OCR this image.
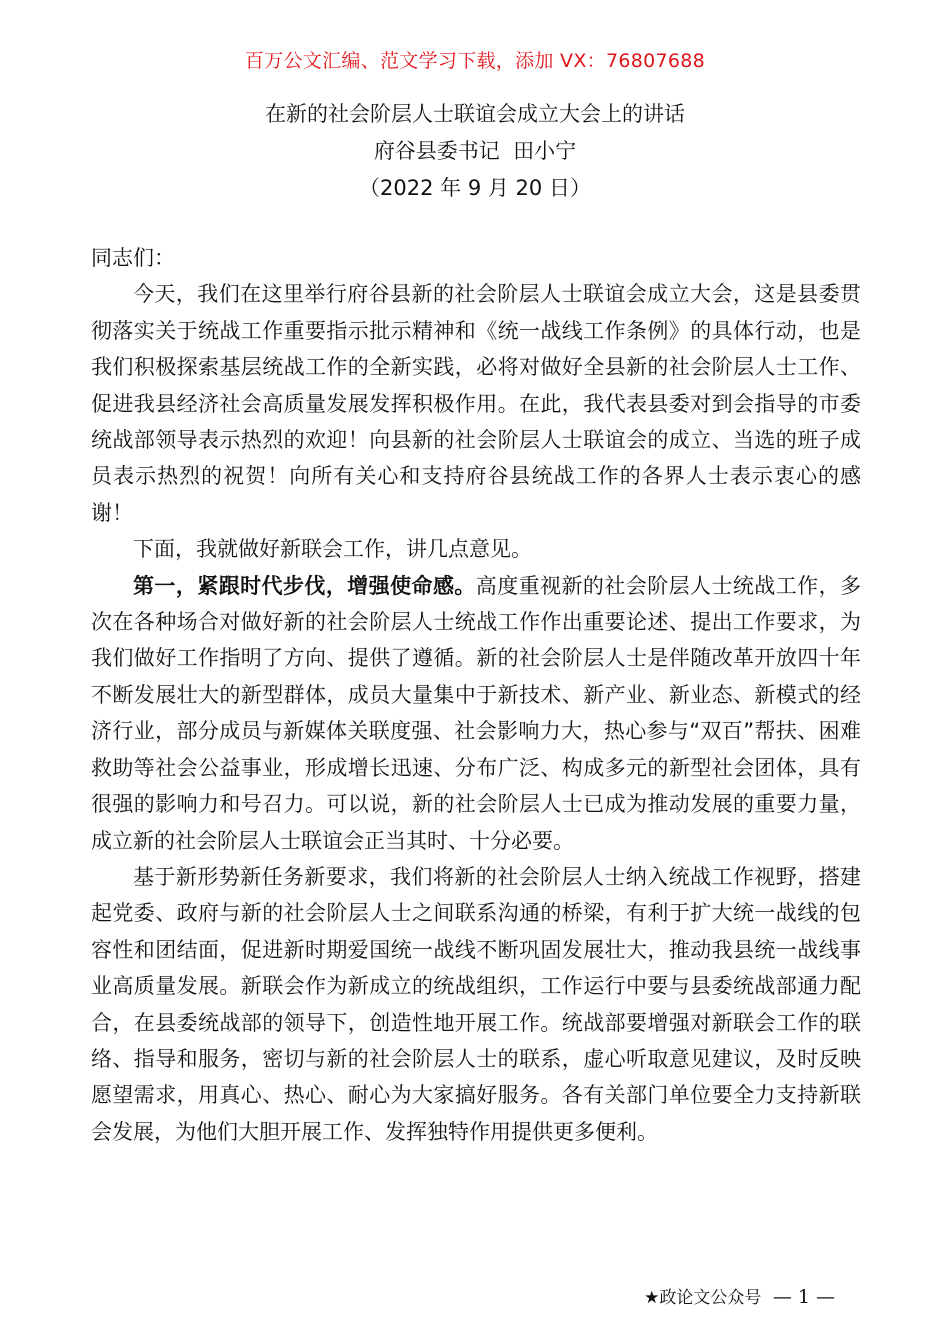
百万公文汇编、范文学习下载，添加 VX：76807688
在新的社会阶层人士联谊会成立大会上的讲话
府谷县委书记  田小宁
（2022 年 9 月 20 日）

同志们：

今天，我们在这里举行府谷县新的社会阶层人士联谊会成立大会，这是县委贯彻落实关于统战工作重要指示批示精神和《统一战线工作条例》的具体行动，也是我们积极探索基层统战工作的全新实践，必将对做好全县新的社会阶层人士工作、促进我县经济社会高质量发展发挥积极作用。在此，我代表县委对到会指导的市委统战部领导表示热烈的欢迎！向县新的社会阶层人士联谊会的成立、当选的班子成员表示热烈的祝贺！向所有关心和支持府谷县统战工作的各界人士表示衷心的感谢！

下面，我就做好新联会工作，讲几点意见。

第一，紧跟时代步伐，增强使命感。高度重视新的社会阶层人士统战工作，多次在各种场合对做好新的社会阶层人士统战工作作出重要论述、提出工作要求，为我们做好工作指明了方向、提供了遵循。新的社会阶层人士是伴随改革开放四十年不断发展壮大的新型群体，成员大量集中于新技术、新产业、新业态、新模式的经济行业，部分成员与新媒体关联度强、社会影响力大，热心参与“双百”帮扶、困难救助等社会公益事业，形成增长迅速、分布广泛、构成多元的新型社会团体，具有很强的影响力和号召力。可以说，新的社会阶层人士已成为推动发展的重要力量，成立新的社会阶层人士联谊会正当其时、十分必要。

基于新形势新任务新要求，我们将新的社会阶层人士纳入统战工作视野，搭建起党委、政府与新的社会阶层人士之间联系沟通的桥梁，有利于扩大统一战线的包容性和团结面，促进新时期爱国统一战线不断巩固发展壮大，推动我县统一战线事业高质量发展。新联会作为新成立的统战组织，工作运行中要与县委统战部通力配合，在县委统战部的领导下，创造性地开展工作。统战部要增强对新联会工作的联络、指导和服务，密切与新的社会阶层人士的联系，虚心听取意见建议，及时反映愿望需求，用真心、热心、耐心为大家搞好服务。各有关部门单位要全力支持新联会发展，为他们大胆开展工作、发挥独特作用提供更多便利。

★政论文公众号 — 1 —
